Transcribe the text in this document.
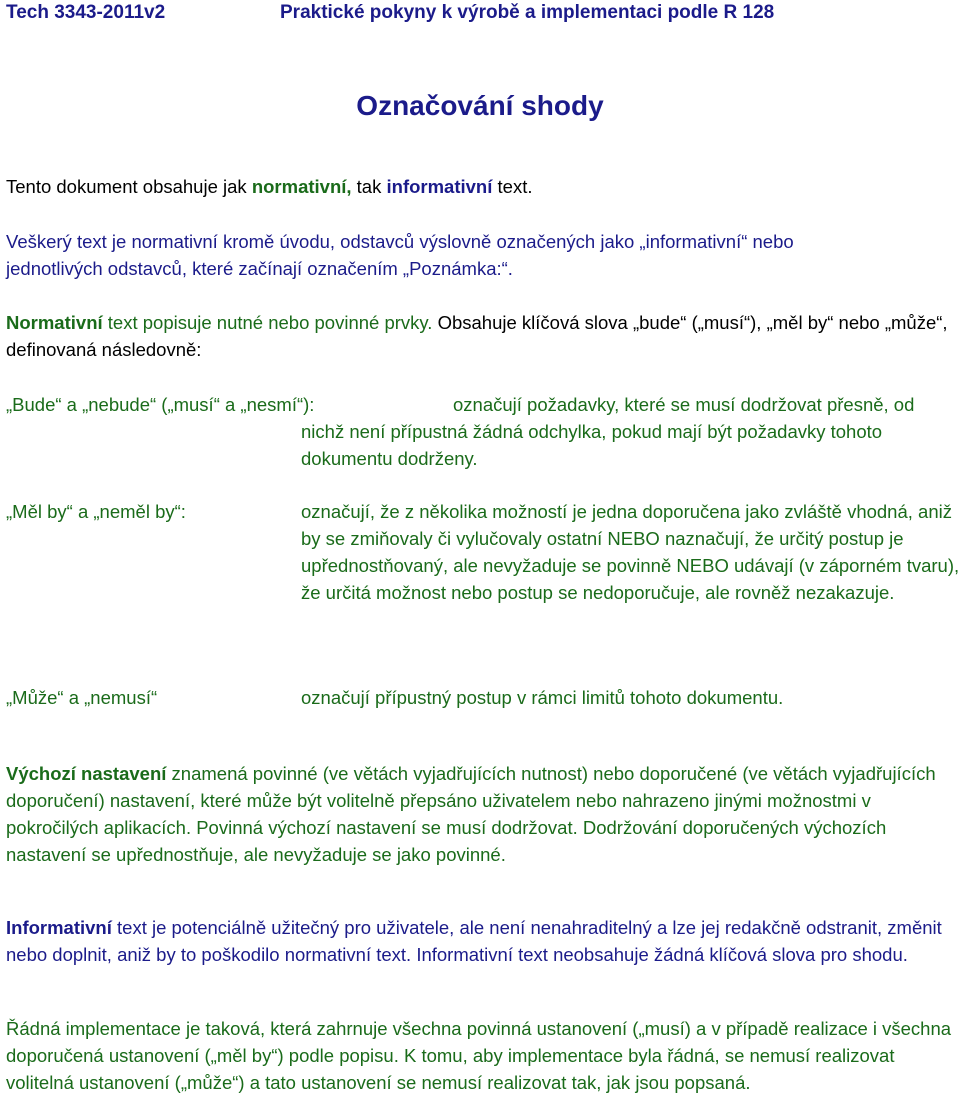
Tech 3343-2011v2	Praktické pokyny k výrobě a implementaci podle R 128
Označování shody
Tento dokument obsahuje jak normativní, tak informativní text.
Veškerý text je normativní kromě úvodu, odstavců výslovně označených jako „informativní“ nebo jednotlivých odstavců, které začínají označením „Poznámka:“.
Normativní text popisuje nutné nebo povinné prvky. Obsahuje klíčová slova „bude“ („musí“), „měl by“ nebo „může“, definovaná následovně:
„Bude“ a „nebude“ („musí“ a „nesmí“):	označují požadavky, které se musí dodržovat přesně, od nichž není přípustná žádná odchylka, pokud mají být požadavky tohoto dokumentu dodrženy.
„Měl by“ a „neměl by“:	označují, že z několika možností je jedna doporučena jako zvláště vhodná, aniž by se zmiňovaly či vylučovaly ostatní NEBO naznačují, že určitý postup je upřednostňovaný, ale nevyžaduje se povinně NEBO udávají (v záporném tvaru), že určitá možnost nebo postup se nedoporučuje, ale rovněž nezakazuje.
„Může“ a „nemusí“	označují přípustný postup v rámci limitů tohoto dokumentu.
Výchozí nastavení znamená povinné (ve větách vyjadřujících nutnost) nebo doporučené (ve větách vyjadřujících doporučení) nastavení, které může být volitelně přepsáno uživatelem nebo nahrazeno jinými možnostmi v pokročilých aplikacích. Povinná výchozí nastavení se musí dodržovat. Dodržování doporučených výchozích nastavení se upřednostňuje, ale nevyžaduje se jako povinné.
Informativní text je potenciálně užitečný pro uživatele, ale není nenahraditelný a lze jej redakčně odstranit, změnit nebo doplnit, aniž by to poškodilo normativní text. Informativní text neobsahuje žádná klíčová slova pro shodu.
Řádná implementace je taková, která zahrnuje všechna povinná ustanovení („musí) a v případě realizace i všechna doporučená ustanovení („měl by“) podle popisu. K tomu, aby implementace byla řádná, se nemusí realizovat volitelná ustanovení („může“) a tato ustanovení se nemusí realizovat tak, jak jsou popsaná.
